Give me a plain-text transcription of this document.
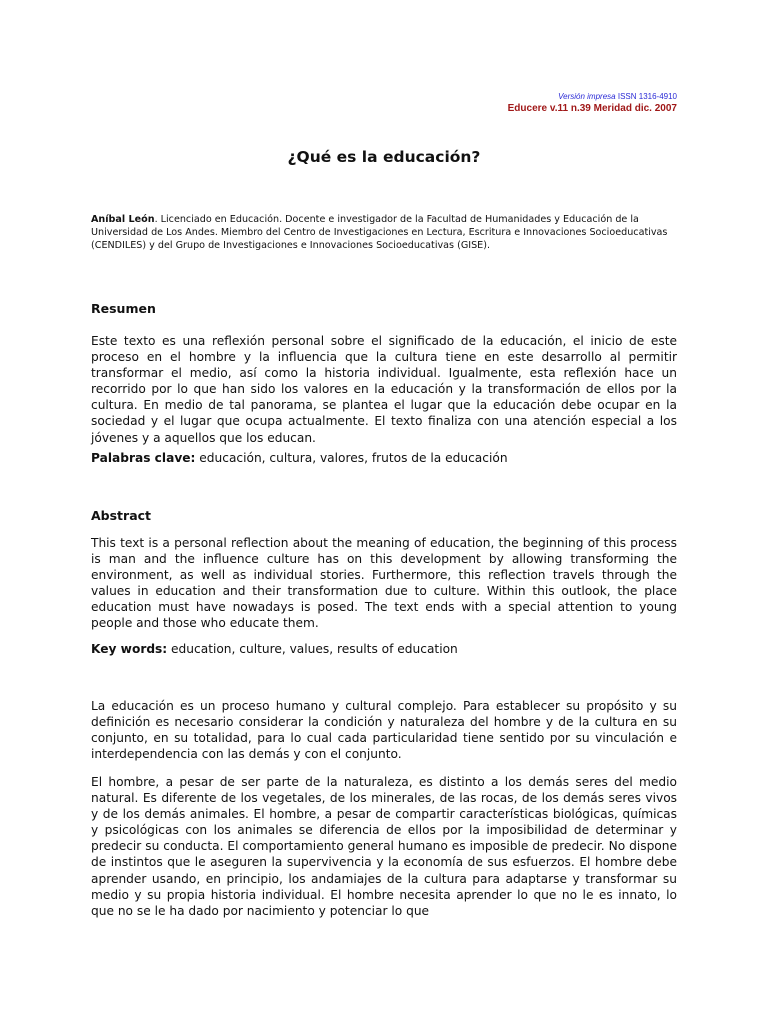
Versión impresa ISSN 1316-4910
Educere v.11 n.39 Meridad dic. 2007
¿Qué es la educación?
Aníbal León. Licenciado en Educación. Docente e investigador de la Facultad de Humanidades y Educación de la Universidad de Los Andes. Miembro del Centro de Investigaciones en Lectura, Escritura e Innovaciones Socioeducativas (CENDILES) y del Grupo de Investigaciones e Innovaciones Socioeducativas (GISE).
Resumen
Este texto es una reflexión personal sobre el significado de la educación, el inicio de este proceso en el hombre y la influencia que la cultura tiene en este desarrollo al permitir transformar el medio, así como la historia individual. Igualmente, esta reflexión hace un recorrido por lo que han sido los valores en la educación y la transformación de ellos por la cultura. En medio de tal panorama, se plantea el lugar que la educación debe ocupar en la sociedad y el lugar que ocupa actualmente. El texto finaliza con una atención especial a los jóvenes y a aquellos que los educan.
Palabras clave: educación, cultura, valores, frutos de la educación
Abstract
This text is a personal reflection about the meaning of education, the beginning of this process is man and the influence culture has on this development by allowing transforming the environment, as well as individual stories. Furthermore, this reflection travels through the values in education and their transformation due to culture. Within this outlook, the place education must have nowadays is posed. The text ends with a special attention to young people and those who educate them.
Key words: education, culture, values, results of education
La educación es un proceso humano y cultural complejo. Para establecer su propósito y su definición es necesario considerar la condición y naturaleza del hombre y de la cultura en su conjunto, en su totalidad, para lo cual cada particularidad tiene sentido por su vinculación e interdependencia con las demás y con el conjunto.
El hombre, a pesar de ser parte de la naturaleza, es distinto a los demás seres del medio natural. Es diferente de los vegetales, de los minerales, de las rocas, de los demás seres vivos y de los demás animales. El hombre, a pesar de compartir características biológicas, químicas y psicológicas con los animales se diferencia de ellos por la imposibilidad de determinar y predecir su conducta. El comportamiento general humano es imposible de predecir. No dispone de instintos que le aseguren la supervivencia y la economía de sus esfuerzos. El hombre debe aprender usando, en principio, los andamiajes de la cultura para adaptarse y transformar su medio y su propia historia individual. El hombre necesita aprender lo que no le es innato, lo que no se le ha dado por nacimiento y potenciar lo que
